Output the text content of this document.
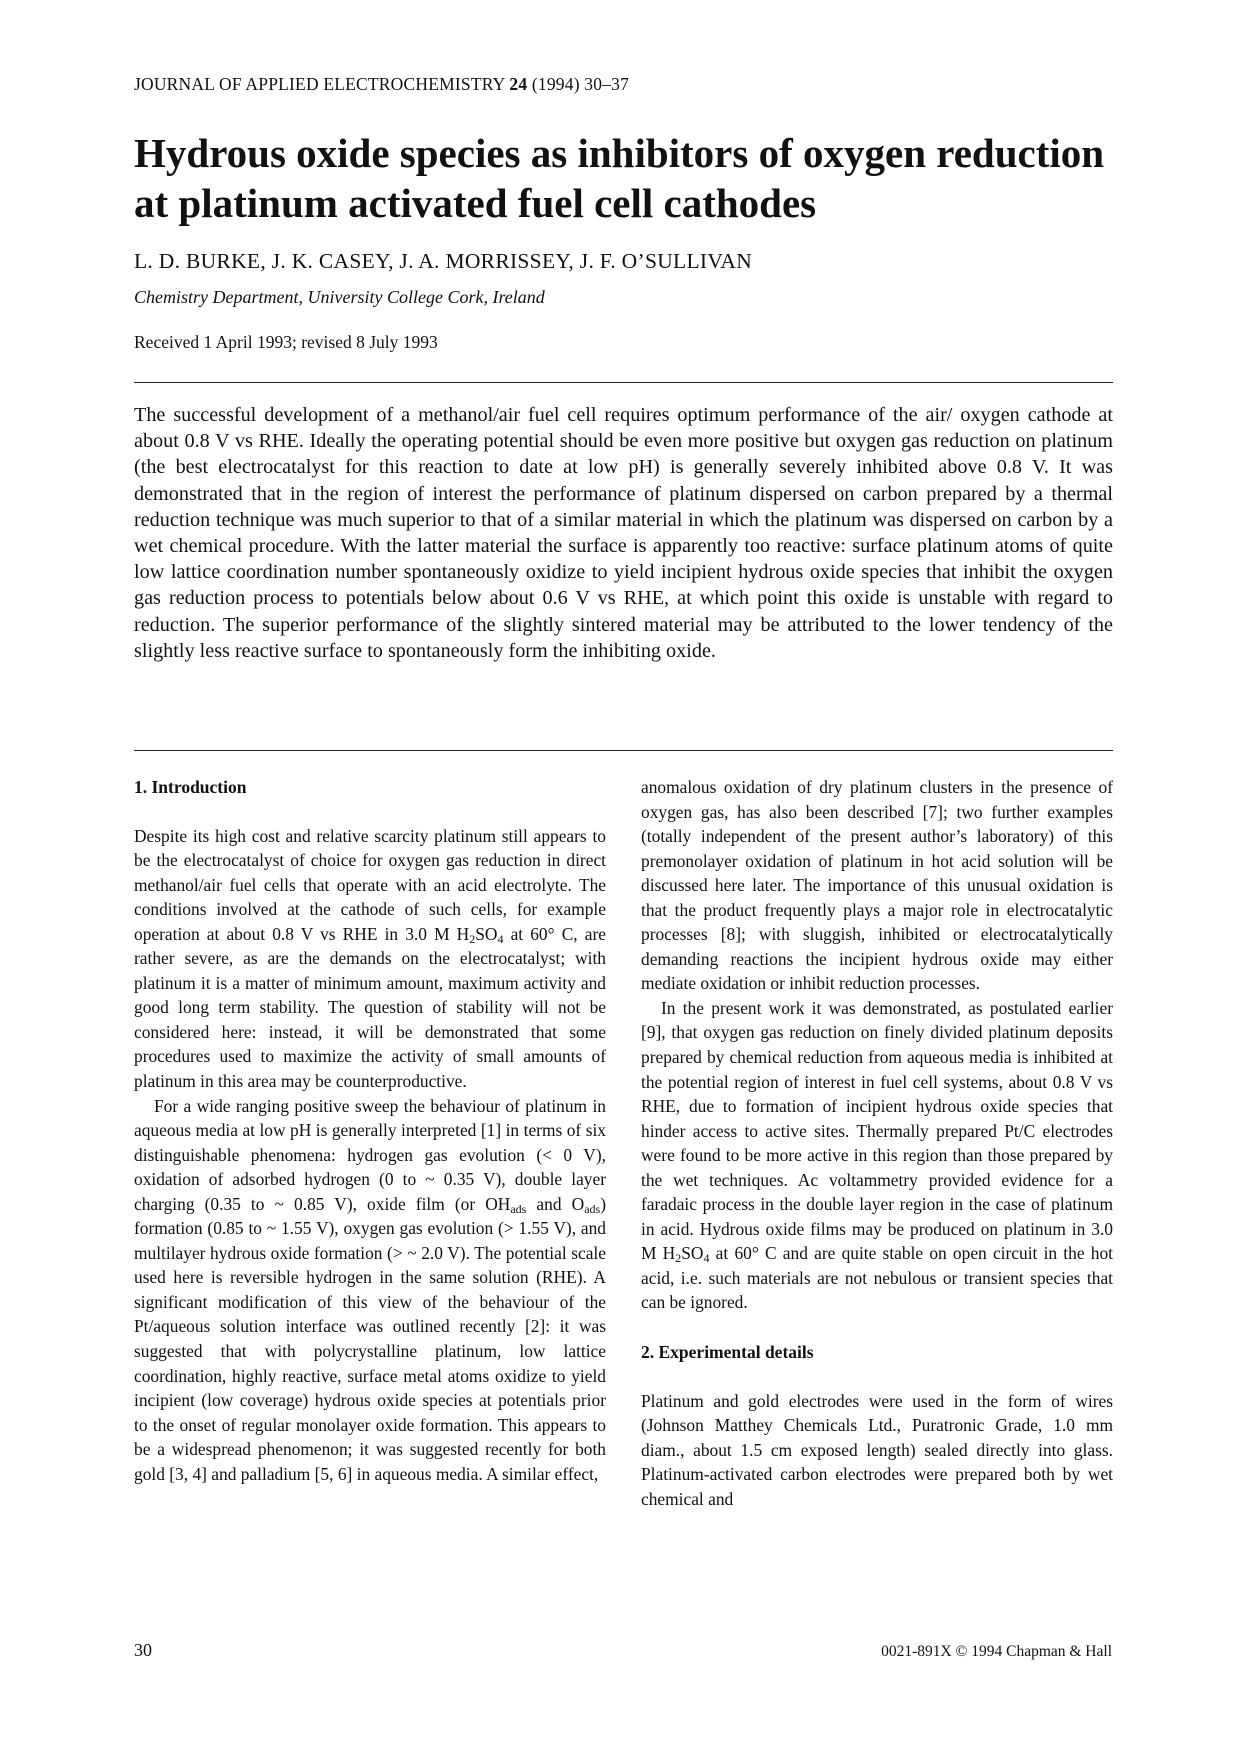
JOURNAL OF APPLIED ELECTROCHEMISTRY 24 (1994) 30–37
Hydrous oxide species as inhibitors of oxygen reduction at platinum activated fuel cell cathodes
L. D. BURKE, J. K. CASEY, J. A. MORRISSEY, J. F. O’SULLIVAN
Chemistry Department, University College Cork, Ireland
Received 1 April 1993; revised 8 July 1993

The successful development of a methanol/air fuel cell requires optimum performance of the air/ oxygen cathode at about 0.8 V vs RHE. Ideally the operating potential should be even more positive but oxygen gas reduction on platinum (the best electrocatalyst for this reaction to date at low pH) is generally severely inhibited above 0.8 V. It was demonstrated that in the region of interest the performance of platinum dispersed on carbon prepared by a thermal reduction technique was much superior to that of a similar material in which the platinum was dispersed on carbon by a wet chemical procedure. With the latter material the surface is apparently too reactive: surface platinum atoms of quite low lattice coordination number spontaneously oxidize to yield incipient hydrous oxide species that inhibit the oxygen gas reduction process to potentials below about 0.6 V vs RHE, at which point this oxide is unstable with regard to reduction. The superior performance of the slightly sintered material may be attributed to the lower tendency of the slightly less reactive surface to spontaneously form the inhibiting oxide.

1. Introduction

Despite its high cost and relative scarcity platinum still appears to be the electrocatalyst of choice for oxygen gas reduction in direct methanol/air fuel cells that operate with an acid electrolyte. The conditions involved at the cathode of such cells, for example operation at about 0.8 V vs RHE in 3.0 M $H_2SO_4$ at 60° C, are rather severe, as are the demands on the electrocatalyst; with platinum it is a matter of minimum amount, maximum activity and good long term stability. The question of stability will not be considered here: instead, it will be demonstrated that some procedures used to maximize the activity of small amounts of platinum in this area may be counterproductive.

For a wide ranging positive sweep the behaviour of platinum in aqueous media at low pH is generally interpreted [1] in terms of six distinguishable phenomena: hydrogen gas evolution (< 0 V), oxidation of adsorbed hydrogen (0 to ~ 0.35 V), double layer charging (0.35 to ~ 0.85 V), oxide film (or $OH_{ads}$ and $O_{ads}$) formation (0.85 to ~ 1.55 V), oxygen gas evolution (> 1.55 V), and multilayer hydrous oxide formation (> ~ 2.0 V). The potential scale used here is reversible hydrogen in the same solution (RHE). A significant modification of this view of the behaviour of the Pt/aqueous solution interface was outlined recently [2]: it was suggested that with polycrystalline platinum, low lattice coordination, highly reactive, surface metal atoms oxidize to yield incipient (low coverage) hydrous oxide species at potentials prior to the onset of regular monolayer oxide formation. This appears to be a widespread phenomenon; it was suggested recently for both gold [3, 4] and palladium [5, 6] in aqueous media. A similar effect,

anomalous oxidation of dry platinum clusters in the presence of oxygen gas, has also been described [7]; two further examples (totally independent of the present author’s laboratory) of this premonolayer oxidation of platinum in hot acid solution will be discussed here later. The importance of this unusual oxidation is that the product frequently plays a major role in electrocatalytic processes [8]; with sluggish, inhibited or electrocatalytically demanding reactions the incipient hydrous oxide may either mediate oxidation or inhibit reduction processes.

In the present work it was demonstrated, as postulated earlier [9], that oxygen gas reduction on finely divided platinum deposits prepared by chemical reduction from aqueous media is inhibited at the potential region of interest in fuel cell systems, about 0.8 V vs RHE, due to formation of incipient hydrous oxide species that hinder access to active sites. Thermally prepared Pt/C electrodes were found to be more active in this region than those prepared by the wet techniques. Ac voltammetry provided evidence for a faradaic process in the double layer region in the case of platinum in acid. Hydrous oxide films may be produced on platinum in 3.0 M $H_2SO_4$ at 60° C and are quite stable on open circuit in the hot acid, i.e. such materials are not nebulous or transient species that can be ignored.

2. Experimental details

Platinum and gold electrodes were used in the form of wires (Johnson Matthey Chemicals Ltd., Puratronic Grade, 1.0 mm diam., about 1.5 cm exposed length) sealed directly into glass. Platinum-activated carbon electrodes were prepared both by wet chemical and

30	0021-891X © 1994 Chapman & Hall
